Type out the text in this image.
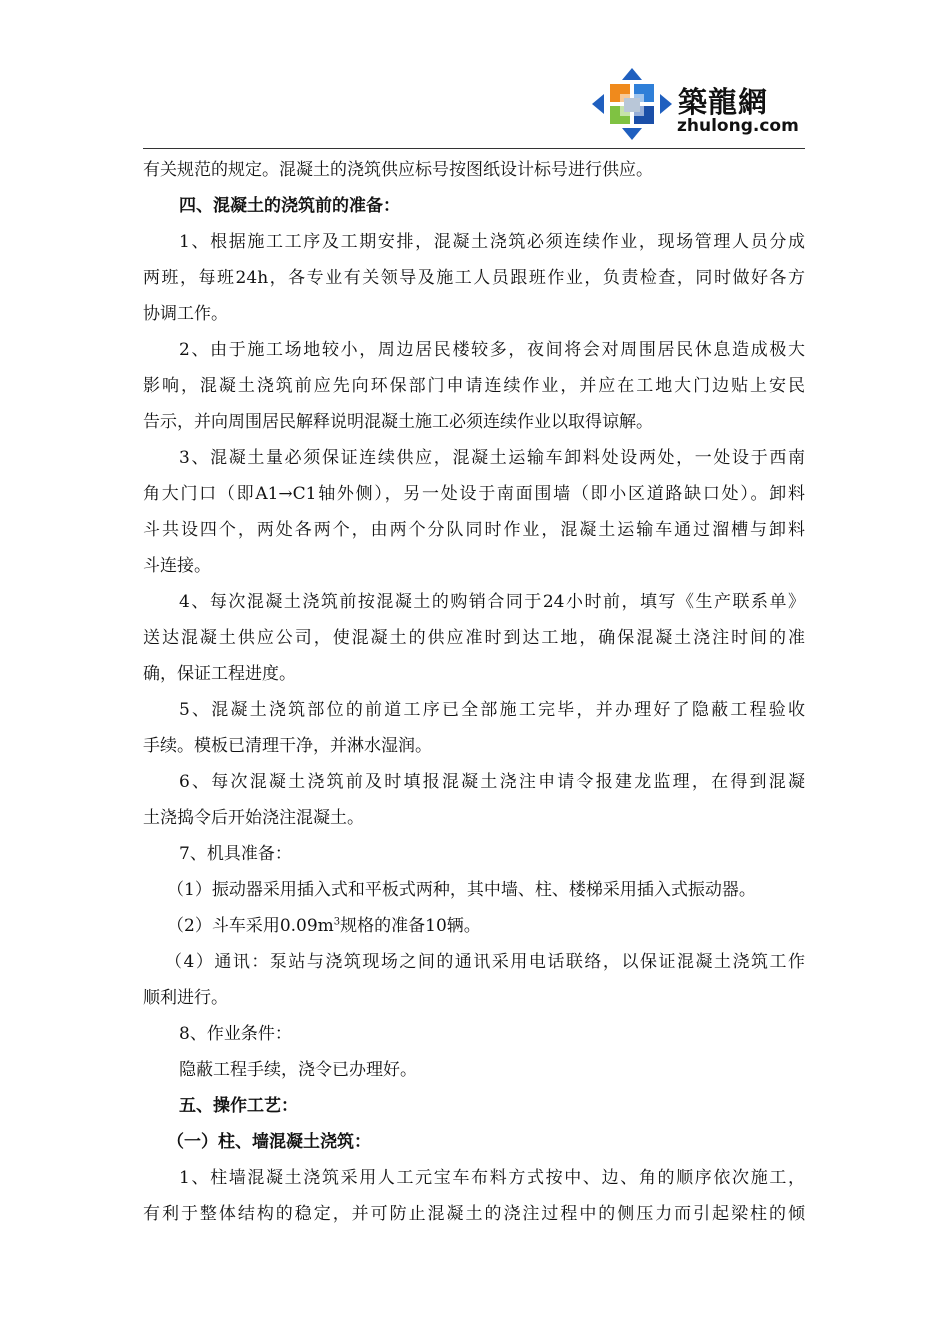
築龍網
zhulong.com
有关规范的规定。混凝土的浇筑供应标号按图纸设计标号进行供应。
四、混凝土的浇筑前的准备：
1、根据施工工序及工期安排，混凝土浇筑必须连续作业，现场管理人员分成
两班，每班24h，各专业有关领导及施工人员跟班作业，负责检查，同时做好各方
协调工作。
2、由于施工场地较小，周边居民楼较多，夜间将会对周围居民休息造成极大
影响，混凝土浇筑前应先向环保部门申请连续作业，并应在工地大门边贴上安民
告示，并向周围居民解释说明混凝土施工必须连续作业以取得谅解。
3、混凝土量必须保证连续供应，混凝土运输车卸料处设两处，一处设于西南
角大门口（即A1→C1轴外侧），另一处设于南面围墙（即小区道路缺口处）。卸料
斗共设四个，两处各两个，由两个分队同时作业，混凝土运输车通过溜槽与卸料
斗连接。
4、每次混凝土浇筑前按混凝土的购销合同于24小时前，填写《生产联系单》
送达混凝土供应公司，使混凝土的供应准时到达工地，确保混凝土浇注时间的准
确，保证工程进度。
5、混凝土浇筑部位的前道工序已全部施工完毕，并办理好了隐蔽工程验收
手续。模板已清理干净，并淋水湿润。
6、每次混凝土浇筑前及时填报混凝土浇注申请令报建龙监理，在得到混凝
土浇捣令后开始浇注混凝土。
7、机具准备：
（1）振动器采用插入式和平板式两种，其中墙、柱、楼梯采用插入式振动器。
（2）斗车采用$0.09m^3$规格的准备10辆。
（4）通讯：泵站与浇筑现场之间的通讯采用电话联络，以保证混凝土浇筑工作
顺利进行。
8、作业条件：
隐蔽工程手续，浇令已办理好。
五、操作工艺：
（一）柱、墙混凝土浇筑：
1、柱墙混凝土浇筑采用人工元宝车布料方式按中、边、角的顺序依次施工，
有利于整体结构的稳定，并可防止混凝土的浇注过程中的侧压力而引起梁柱的倾
